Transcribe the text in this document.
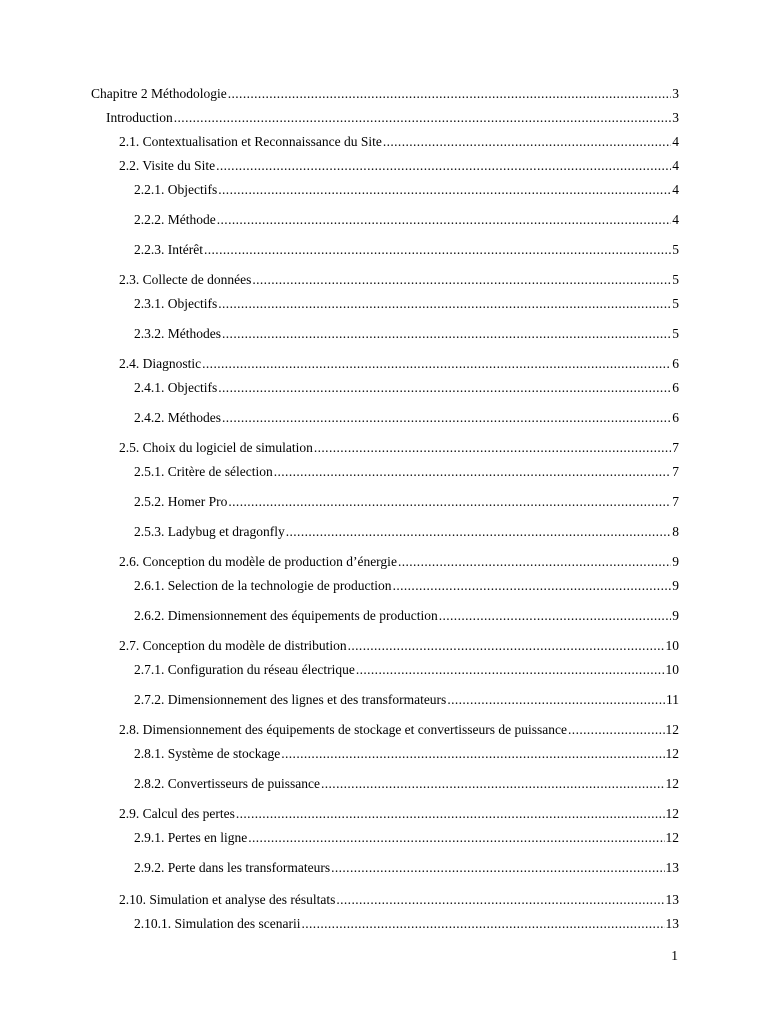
Chapitre 2 Méthodologie .....	3
Introduction .....	3
2.1. Contextualisation et Reconnaissance du Site .....	4
2.2. Visite du Site .....	4
2.2.1. Objectifs .....	4
2.2.2. Méthode .....	4
2.2.3. Intérêt .....	5
2.3. Collecte de données .....	5
2.3.1. Objectifs .....	5
2.3.2. Méthodes .....	5
2.4. Diagnostic .....	6
2.4.1. Objectifs .....	6
2.4.2. Méthodes .....	6
2.5. Choix du logiciel de simulation .....	7
2.5.1. Critère de sélection .....	7
2.5.2. Homer Pro .....	7
2.5.3. Ladybug et dragonfly .....	8
2.6. Conception du modèle de production d’énergie .....	9
2.6.1. Selection de la technologie de production .....	9
2.6.2. Dimensionnement des équipements de production .....	9
2.7. Conception du modèle de distribution .....	10
2.7.1. Configuration du réseau électrique .....	10
2.7.2. Dimensionnement des lignes et des transformateurs .....	11
2.8. Dimensionnement des équipements de stockage et convertisseurs de puissance .....	12
2.8.1. Système de stockage .....	12
2.8.2. Convertisseurs de puissance .....	12
2.9. Calcul des pertes .....	12
2.9.1. Pertes en ligne .....	12
2.9.2. Perte dans les transformateurs .....	13
2.10. Simulation et analyse des résultats .....	13
2.10.1. Simulation des scenarii .....	13
1
